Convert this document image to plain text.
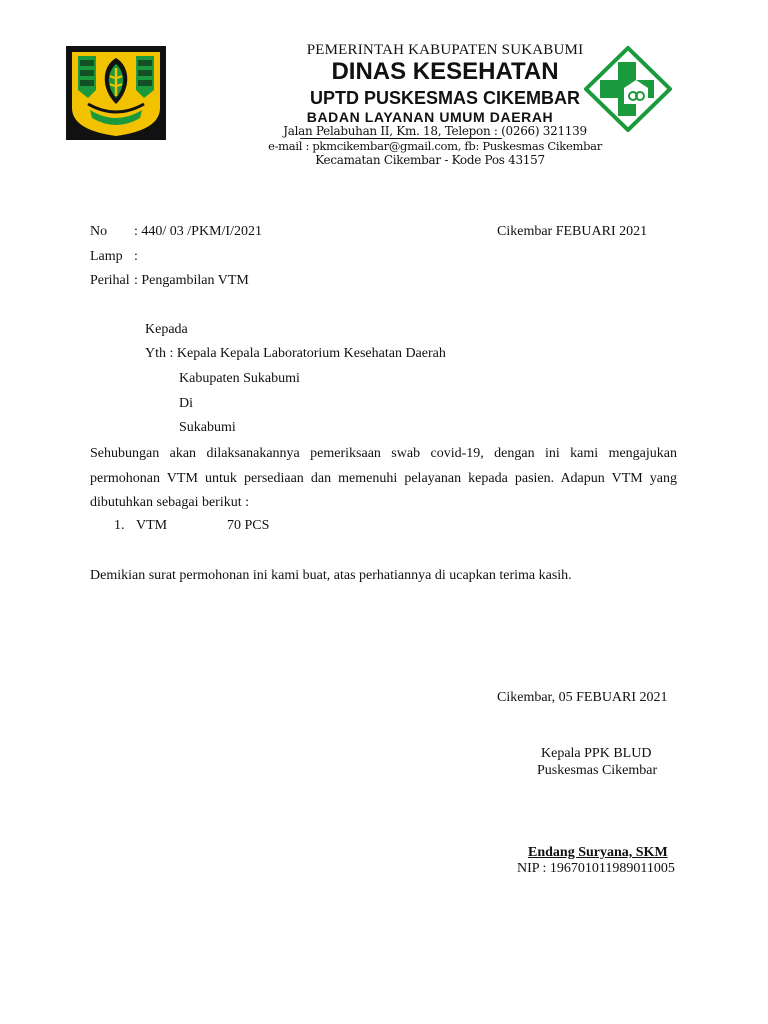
PEMERINTAH KABUPATEN SUKABUMI
DINAS KESEHATAN
UPTD PUSKESMAS CIKEMBAR
BADAN LAYANAN UMUM DAERAH
Jalan Pelabuhan II, Km. 18, Telepon : (0266) 321139
e-mail : pkmcikembar@gmail.com, fb: Puskesmas Cikembar
Kecamatan Cikembar - Kode Pos 43157
No : 440/ 03 /PKM/I/2021	Cikembar FEBUARI 2021
Lamp :
Perihal : Pengambilan VTM
Kepada
Yth : Kepala Kepala Laboratorium Kesehatan Daerah
Kabupaten Sukabumi
Di
Sukabumi
Sehubungan akan dilaksanakannya pemeriksaan swab covid-19, dengan ini kami mengajukan permohonan VTM untuk persediaan dan memenuhi pelayanan kepada pasien. Adapun VTM yang dibutuhkan sebagai berikut :
1. VTM	70 PCS
Demikian surat permohonan ini kami buat, atas perhatiannya di ucapkan terima kasih.
Cikembar, 05 FEBUARI 2021
Kepala PPK BLUD
Puskesmas Cikembar
Endang Suryana, SKM
NIP : 196701011989011005
